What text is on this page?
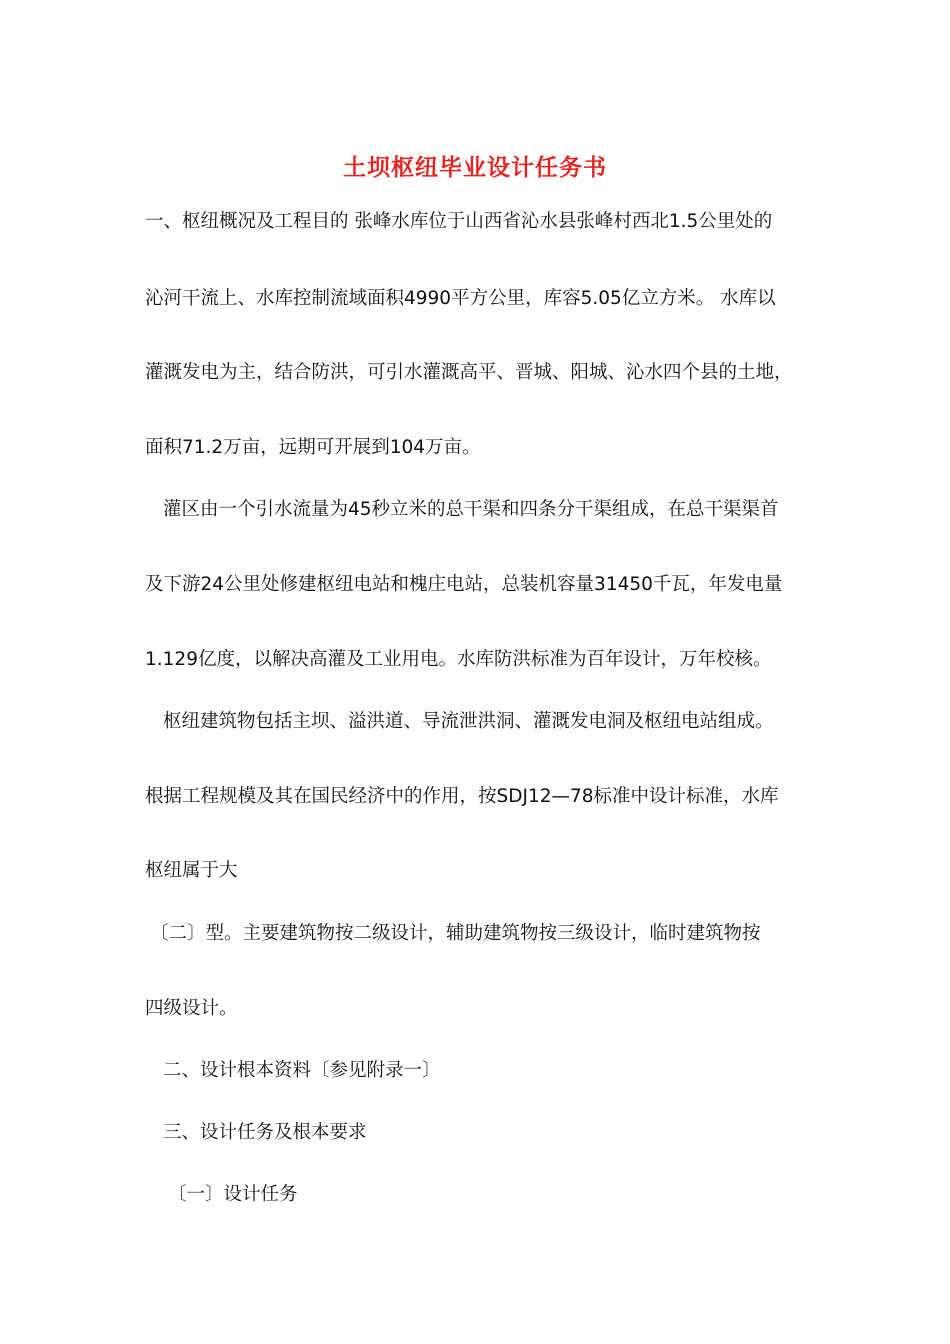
土坝枢纽毕业设计任务书
一、枢纽概况及工程目的 张峰水库位于山西省沁水县张峰村西北1.5公里处的
沁河干流上、水库控制流域面积4990平方公里，库容5.05亿立方米。 水库以
灌溉发电为主，结合防洪，可引水灌溉高平、晋城、阳城、沁水四个县的土地，
面积71.2万亩，远期可开展到104万亩。
灌区由一个引水流量为45秒立米的总干渠和四条分干渠组成，在总干渠渠首
及下游24公里处修建枢纽电站和槐庄电站，总装机容量31450千瓦，年发电量
1.129亿度，以解决高灌及工业用电。水库防洪标准为百年设计，万年校核。
枢纽建筑物包括主坝、溢洪道、导流泄洪洞、灌溉发电洞及枢纽电站组成。
根据工程规模及其在国民经济中的作用，按SDJ12—78标准中设计标准，水库
枢纽属于大
〔二〕型。主要建筑物按二级设计，辅助建筑物按三级设计，临时建筑物按
四级设计。
二、设计根本资料〔参见附录一〕
三、设计任务及根本要求
〔一〕设计任务
